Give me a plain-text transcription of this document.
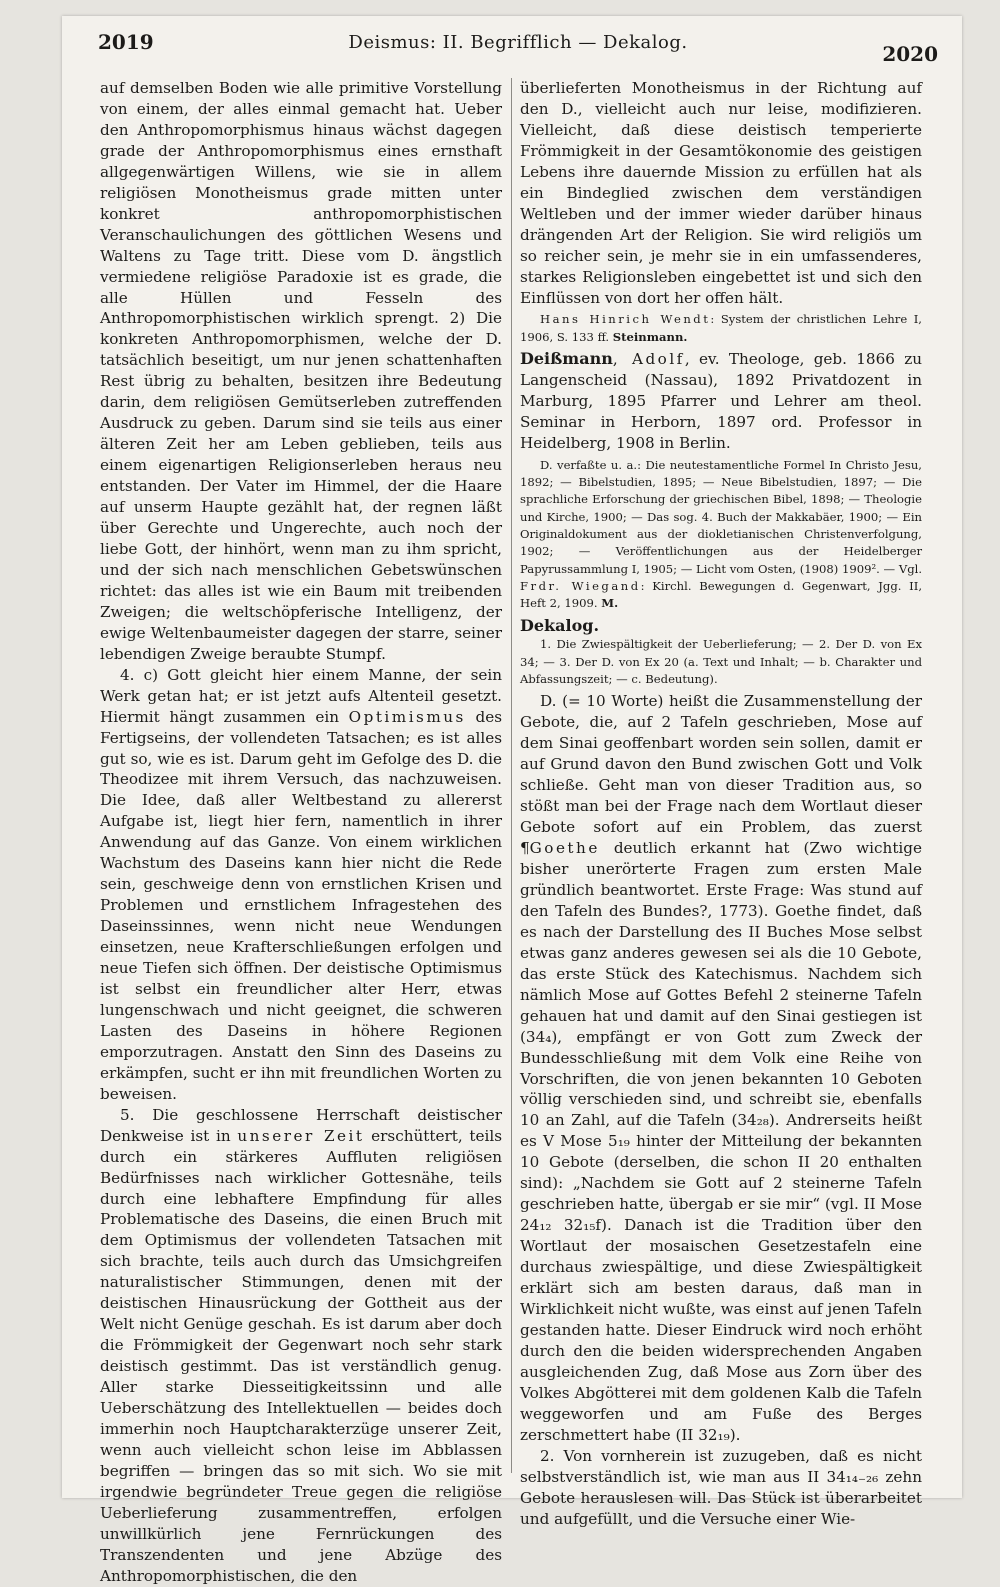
2019	Deismus: II. Begrifflich — Dekalog.	2020

auf demselben Boden wie alle primitive Vorstellung von einem, der alles einmal gemacht hat. Ueber den Anthropomorphismus hinaus wächst dagegen grade der Anthropomorphismus eines ernsthaft allgegenwärtigen Willens, wie sie in allem religiösen Monotheismus grade mitten unter konkret anthropomorphistischen Veranschaulichungen des göttlichen Wesens und Waltens zu Tage tritt. Diese vom D. ängstlich vermiedene religiöse Paradoxie ist es grade, die alle Hüllen und Fesseln des Anthropomorphistischen wirklich sprengt. 2) Die konkreten Anthropomorphismen, welche der D. tatsächlich beseitigt, um nur jenen schattenhaften Rest übrig zu behalten, besitzen ihre Bedeutung darin, dem religiösen Gemütserleben zutreffenden Ausdruck zu geben. Darum sind sie teils aus einer älteren Zeit her am Leben geblieben, teils aus einem eigenartigen Religionserleben heraus neu entstanden. Der Vater im Himmel, der die Haare auf unserm Haupte gezählt hat, der regnen läßt über Gerechte und Ungerechte, auch noch der liebe Gott, der hinhört, wenn man zu ihm spricht, und der sich nach menschlichen Gebetswünschen richtet: das alles ist wie ein Baum mit treibenden Zweigen; die weltschöpferische Intelligenz, der ewige Weltenbaumeister dagegen der starre, seiner lebendigen Zweige beraubte Stumpf.

4. c) Gott gleicht hier einem Manne, der sein Werk getan hat; er ist jetzt aufs Altenteil gesetzt. Hiermit hängt zusammen ein Optimismus des Fertigseins, der vollendeten Tatsachen; es ist alles gut so, wie es ist. Darum geht im Gefolge des D. die Theodizee mit ihrem Versuch, das nachzuweisen. Die Idee, daß aller Weltbestand zu allererst Aufgabe ist, liegt hier fern, namentlich in ihrer Anwendung auf das Ganze. Von einem wirklichen Wachstum des Daseins kann hier nicht die Rede sein, geschweige denn von ernstlichen Krisen und Problemen und ernstlichem Infragestehen des Daseinssinnes, wenn nicht neue Wendungen einsetzen, neue Krafterschließungen erfolgen und neue Tiefen sich öffnen. Der deistische Optimismus ist selbst ein freundlicher alter Herr, etwas lungenschwach und nicht geeignet, die schweren Lasten des Daseins in höhere Regionen emporzutragen. Anstatt den Sinn des Daseins zu erkämpfen, sucht er ihn mit freundlichen Worten zu beweisen.

5. Die geschlossene Herrschaft deistischer Denkweise ist in unserer Zeit erschüttert, teils durch ein stärkeres Auffluten religiösen Bedürfnisses nach wirklicher Gottesnähe, teils durch eine lebhaftere Empfindung für alles Problematische des Daseins, die einen Bruch mit dem Optimismus der vollendeten Tatsachen mit sich brachte, teils auch durch das Umsichgreifen naturalistischer Stimmungen, denen mit der deistischen Hinausrückung der Gottheit aus der Welt nicht Genüge geschah. Es ist darum aber doch die Frömmigkeit der Gegenwart noch sehr stark deistisch gestimmt. Das ist verständlich genug. Aller starke Diesseitigkeitssinn und alle Ueberschätzung des Intellektuellen — beides doch immerhin noch Hauptcharakterzüge unserer Zeit, wenn auch vielleicht schon leise im Abblassen begriffen — bringen das so mit sich. Wo sie mit irgendwie begründeter Treue gegen die religiöse Ueberlieferung zusammentreffen, erfolgen unwillkürlich jene Fernrückungen des Transzendenten und jene Abzüge des Anthropomorphistischen, die den

überlieferten Monotheismus in der Richtung auf den D., vielleicht auch nur leise, modifizieren. Vielleicht, daß diese deistisch temperierte Frömmigkeit in der Gesamtökonomie des geistigen Lebens ihre dauernde Mission zu erfüllen hat als ein Bindeglied zwischen dem verständigen Weltleben und der immer wieder darüber hinaus drängenden Art der Religion. Sie wird religiös um so reicher sein, je mehr sie in ein umfassenderes, starkes Religionsleben eingebettet ist und sich den Einflüssen von dort her offen hält.

Hans Hinrich Wendt: System der christlichen Lehre I, 1906, S. 133 ff. Steinmann.

Deißmann, Adolf, ev. Theologe, geb. 1866 zu Langenscheid (Nassau), 1892 Privatdozent in Marburg, 1895 Pfarrer und Lehrer am theol. Seminar in Herborn, 1897 ord. Professor in Heidelberg, 1908 in Berlin.

D. verfaßte u. a.: Die neutestamentliche Formel In Christo Jesu, 1892; — Bibelstudien, 1895; — Neue Bibelstudien, 1897; — Die sprachliche Erforschung der griechischen Bibel, 1898; — Theologie und Kirche, 1900; — Das sog. 4. Buch der Makkabäer, 1900; — Ein Originaldokument aus der diokletianischen Christenverfolgung, 1902; — Veröffentlichungen aus der Heidelberger Papyrussammlung I, 1905; — Licht vom Osten, (1908) 1909². — Vgl. Frdr. Wiegand: Kirchl. Bewegungen d. Gegenwart, Jgg. II, Heft 2, 1909. M.

Dekalog.

1. Die Zwiespältigkeit der Ueberlieferung; — 2. Der D. von Ex 34; — 3. Der D. von Ex 20 (a. Text und Inhalt; — b. Charakter und Abfassungszeit; — c. Bedeutung).

D. (= 10 Worte) heißt die Zusammenstellung der Gebote, die, auf 2 Tafeln geschrieben, Mose auf dem Sinai geoffenbart worden sein sollen, damit er auf Grund davon den Bund zwischen Gott und Volk schließe. Geht man von dieser Tradition aus, so stößt man bei der Frage nach dem Wortlaut dieser Gebote sofort auf ein Problem, das zuerst ¶Goethe deutlich erkannt hat (Zwo wichtige bisher unerörterte Fragen zum ersten Male gründlich beantwortet. Erste Frage: Was stund auf den Tafeln des Bundes?, 1773). Goethe findet, daß es nach der Darstellung des II Buches Mose selbst etwas ganz anderes gewesen sei als die 10 Gebote, das erste Stück des Katechismus. Nachdem sich nämlich Mose auf Gottes Befehl 2 steinerne Tafeln gehauen hat und damit auf den Sinai gestiegen ist (34₄), empfängt er von Gott zum Zweck der Bundesschließung mit dem Volk eine Reihe von Vorschriften, die von jenen bekannten 10 Geboten völlig verschieden sind, und schreibt sie, ebenfalls 10 an Zahl, auf die Tafeln (34₂₈). Andrerseits heißt es V Mose 5₁₉ hinter der Mitteilung der bekannten 10 Gebote (derselben, die schon II 20 enthalten sind): „Nachdem sie Gott auf 2 steinerne Tafeln geschrieben hatte, übergab er sie mir“ (vgl. II Mose 24₁₂ 32₁₅f). Danach ist die Tradition über den Wortlaut der mosaischen Gesetzestafeln eine durchaus zwiespältige, und diese Zwiespältigkeit erklärt sich am besten daraus, daß man in Wirklichkeit nicht wußte, was einst auf jenen Tafeln gestanden hatte. Dieser Eindruck wird noch erhöht durch den die beiden widersprechenden Angaben ausgleichenden Zug, daß Mose aus Zorn über des Volkes Abgötterei mit dem goldenen Kalb die Tafeln weggeworfen und am Fuße des Berges zerschmettert habe (II 32₁₉).

2. Von vornherein ist zuzugeben, daß es nicht selbstverständlich ist, wie man aus II 34₁₄₋₂₆ zehn Gebote herauslesen will. Das Stück ist überarbeitet und aufgefüllt, und die Versuche einer Wie-
